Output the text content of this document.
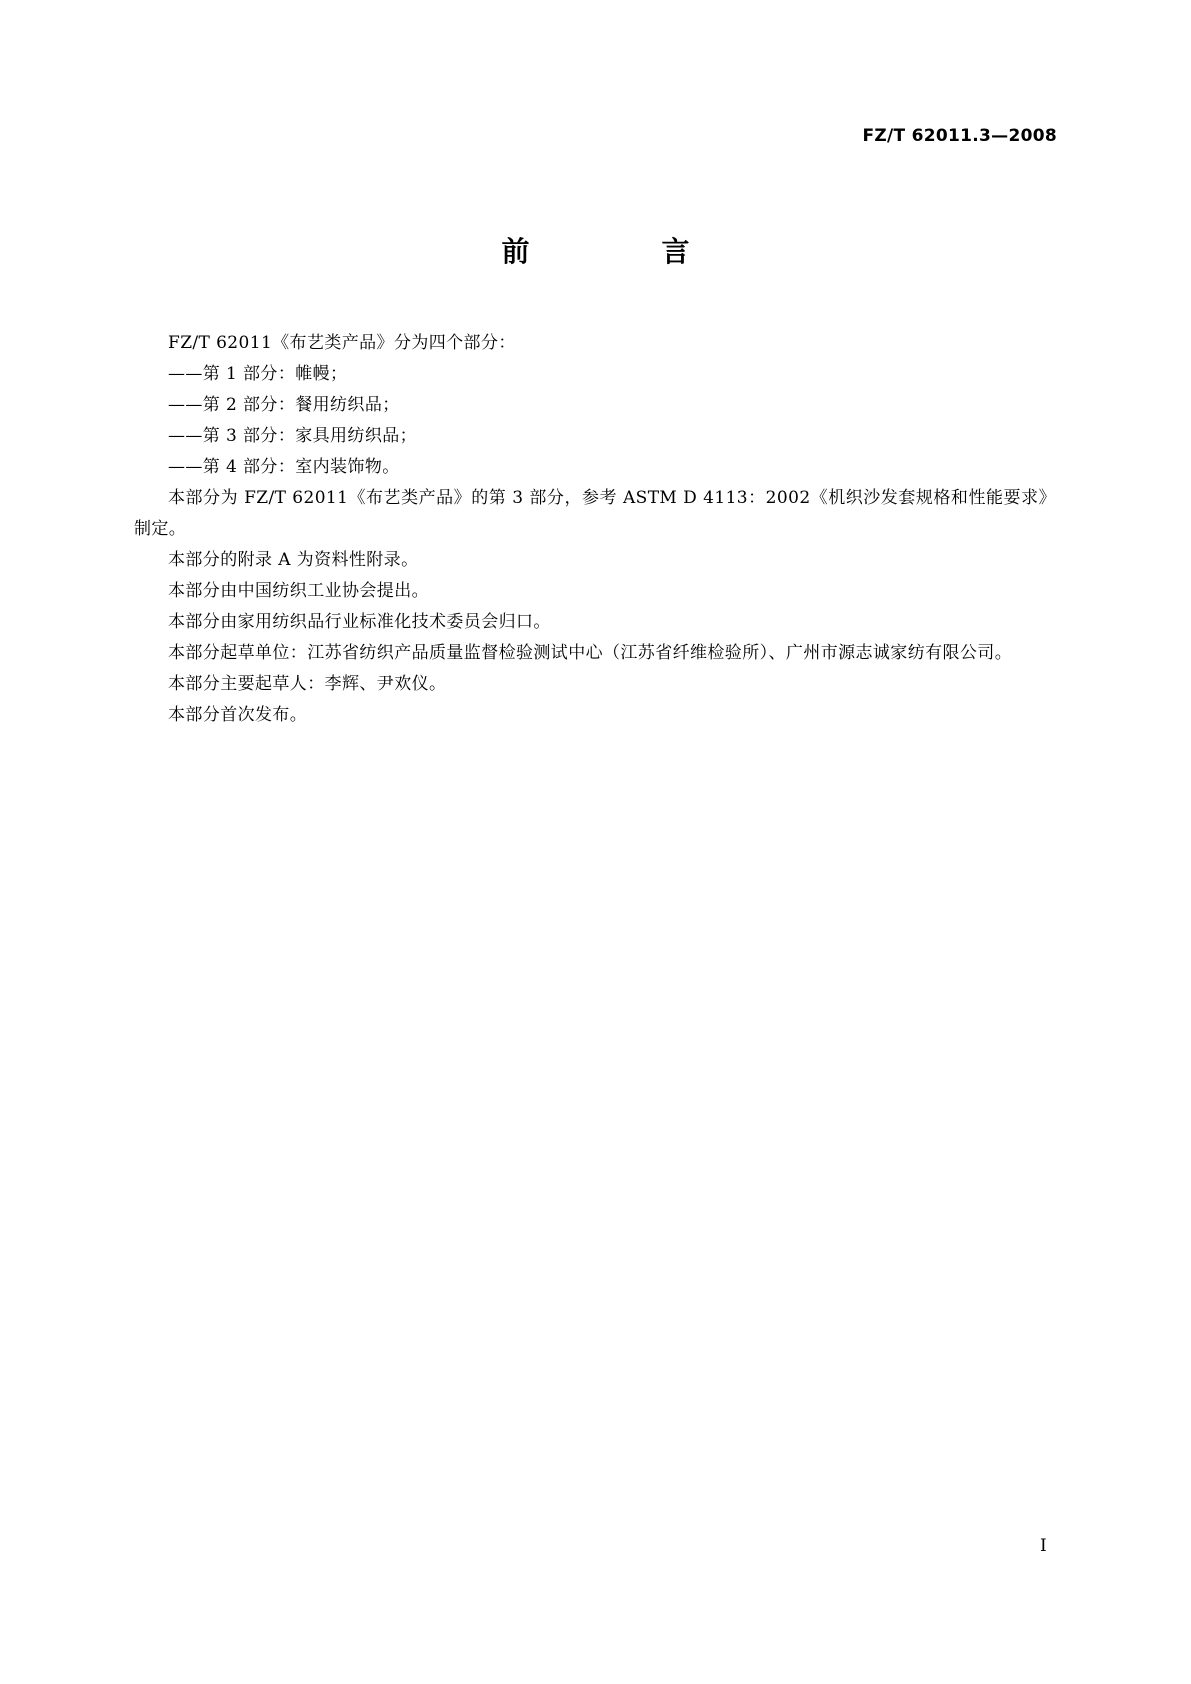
FZ/T 62011.3—2008
前　言

FZ/T 62011《布艺类产品》分为四个部分：

——第 1 部分：帷幔；

——第 2 部分：餐用纺织品；

——第 3 部分：家具用纺织品；

——第 4 部分：室内装饰物。

本部分为 FZ/T 62011《布艺类产品》的第 3 部分，参考 ASTM D 4113：2002《机织沙发套规格和性能要求》制定。

本部分的附录 A 为资料性附录。

本部分由中国纺织工业协会提出。

本部分由家用纺织品行业标准化技术委员会归口。

本部分起草单位：江苏省纺织产品质量监督检验测试中心（江苏省纤维检验所）、广州市源志诚家纺有限公司。

本部分主要起草人：李辉、尹欢仪。

本部分首次发布。

I
